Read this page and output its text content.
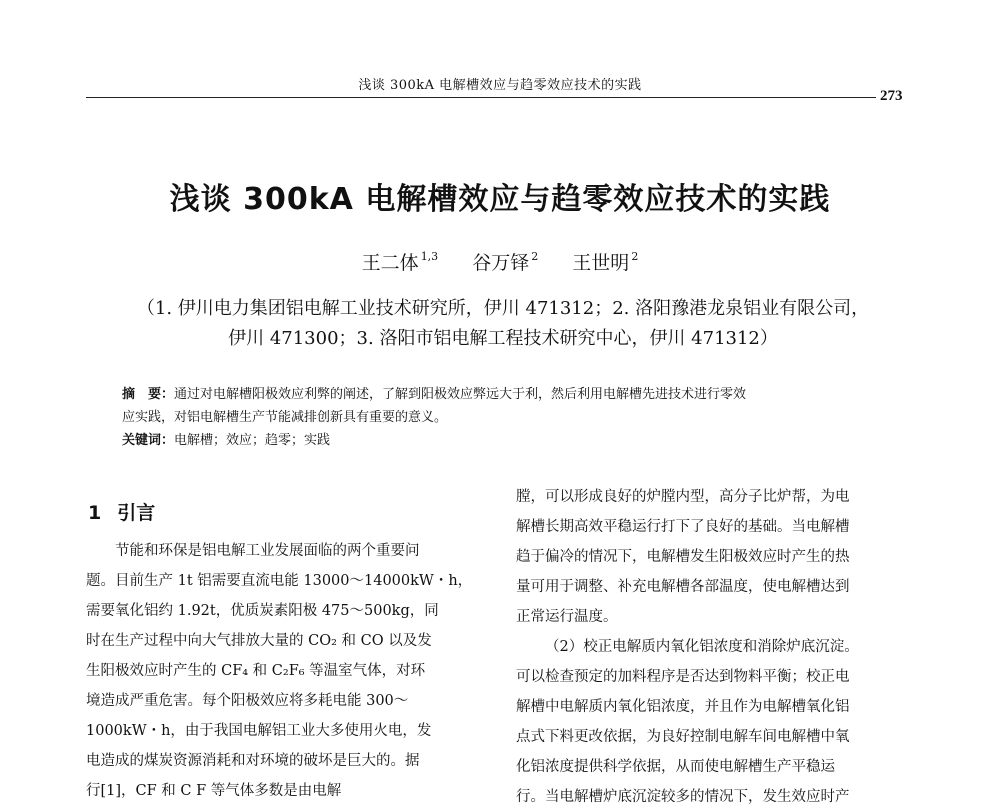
浅谈 300kA 电解槽效应与趋零效应技术的实践
273
浅谈 300kA 电解槽效应与趋零效应技术的实践
王二体 $^{1,3}$ 谷万铎 $^2$ 王世明 $^2$
（1. 伊川电力集团铝电解工业技术研究所，伊川 471312；2. 洛阳豫港龙泉铝业有限公司，
伊川 471300；3. 洛阳市铝电解工程技术研究中心，伊川 471312）
摘　要：通过对电解槽阳极效应利弊的阐述，了解到阳极效应弊远大于利，然后利用电解槽先进技术进行零效
应实践，对铝电解槽生产节能减排创新具有重要的意义。
关键词：电解槽；效应；趋零；实践
1 引言
节能和环保是铝电解工业发展面临的两个重要问
题。目前生产 1t 铝需要直流电能 13000～14000kW・h，
需要氧化铝约 1.92t，优质炭素阳极 475～500kg，同
时在生产过程中向大气排放大量的 CO₂ 和 CO 以及发
生阳极效应时产生的 CF₄ 和 C₂F₆ 等温室气体，对环
境造成严重危害。每个阳极效应将多耗电能 300～
1000kW・h，由于我国电解铝工业大多使用火电，发
电造成的煤炭资源消耗和对环境的破坏是巨大的。据
行[1]，CF 和 C F 等气体多数是由电解
膛，可以形成良好的炉膛内型，高分子比炉帮，为电
解槽长期高效平稳运行打下了良好的基础。当电解槽
趋于偏冷的情况下，电解槽发生阳极效应时产生的热
量可用于调整、补充电解槽各部温度，使电解槽达到
正常运行温度。
（2）校正电解质内氧化铝浓度和消除炉底沉淀。
可以检查预定的加料程序是否达到物料平衡；校正电
解槽中电解质内氧化铝浓度，并且作为电解槽氧化铝
点式下料更改依据，为良好控制电解车间电解槽中氧
化铝浓度提供科学依据，从而使电解槽生产平稳运
行。当电解槽炉底沉淀较多的情况下，发生效应时产
